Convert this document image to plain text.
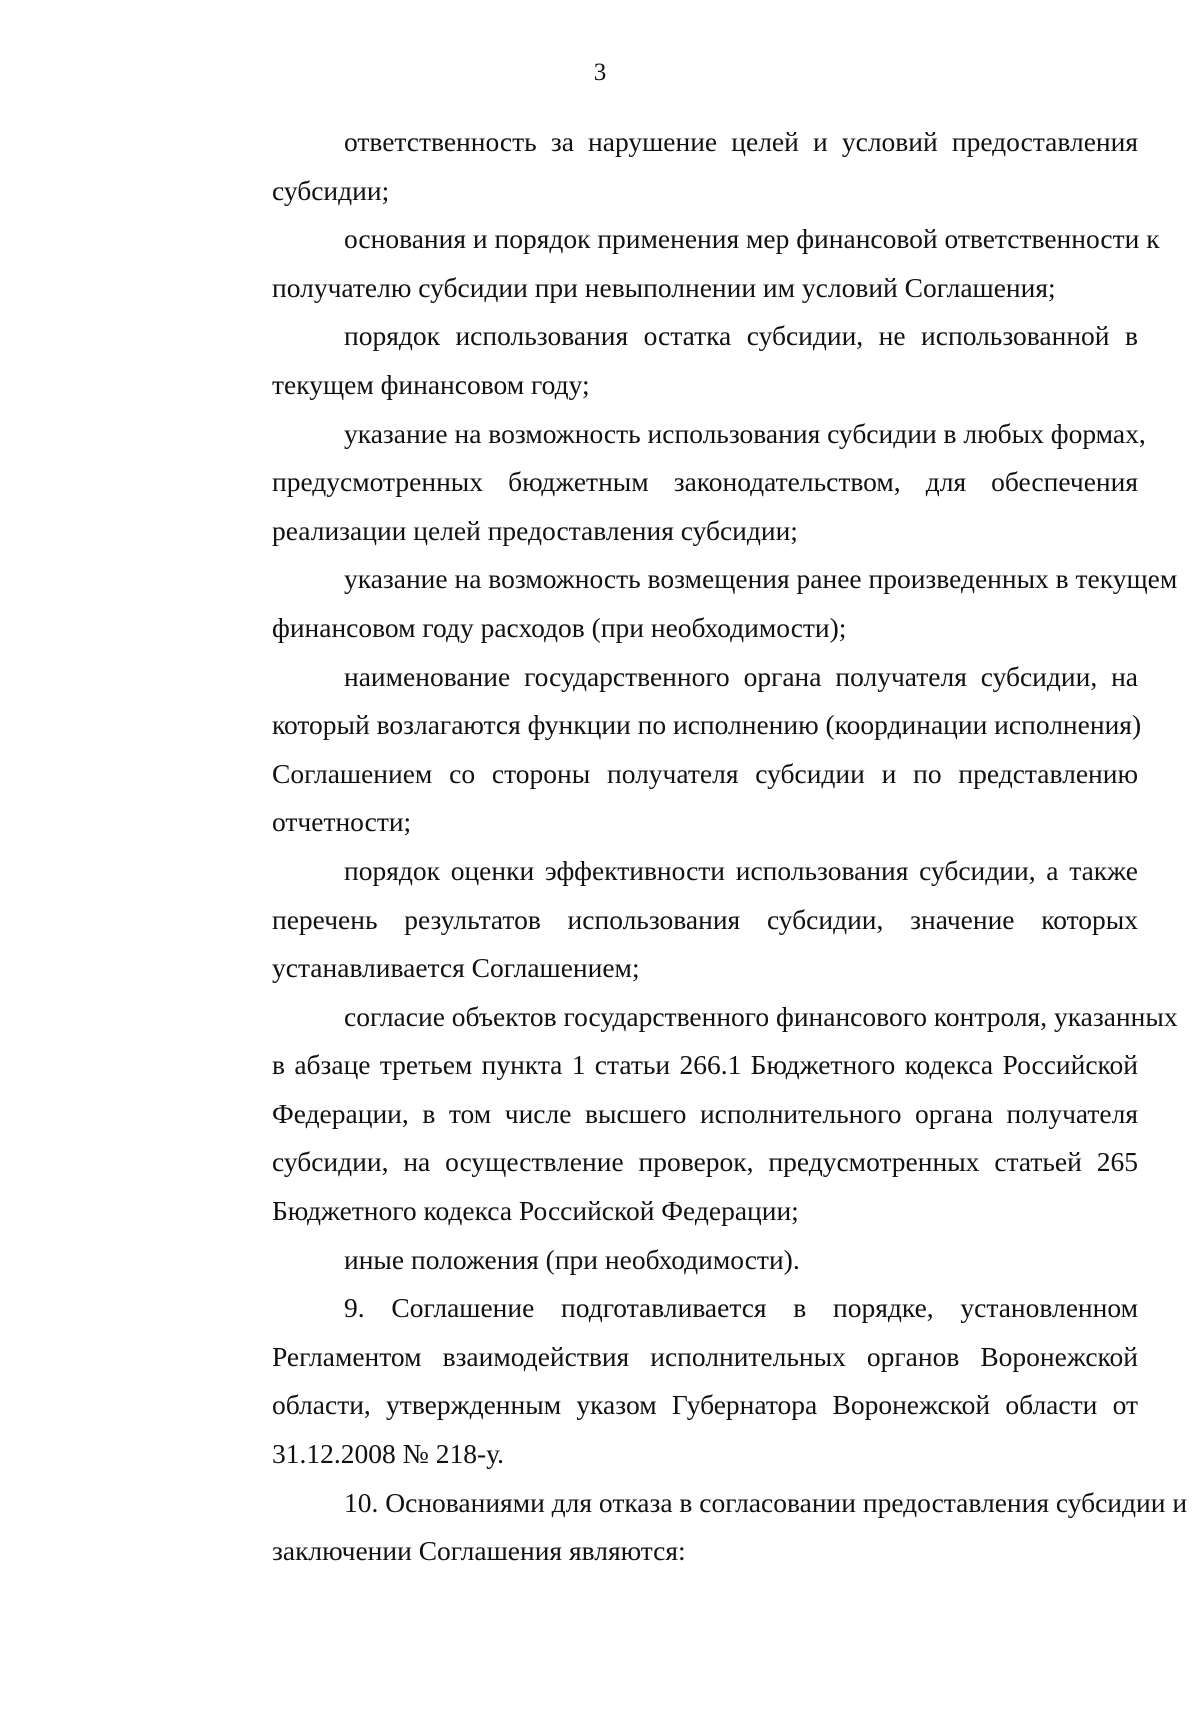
3
ответственность за нарушение целей и условий предоставления
субсидии;
основания и порядок применения мер финансовой ответственности к
получателю субсидии при невыполнении им условий Соглашения;
порядок использования остатка субсидии, не использованной в
текущем финансовом году;
указание на возможность использования субсидии в любых формах,
предусмотренных бюджетным законодательством, для обеспечения
реализации целей предоставления субсидии;
указание на возможность возмещения ранее произведенных в текущем
финансовом году расходов (при необходимости);
наименование государственного органа получателя субсидии, на
который возлагаются функции по исполнению (координации исполнения)
Соглашением со стороны получателя субсидии и по представлению
отчетности;
порядок оценки эффективности использования субсидии, а также
перечень результатов использования субсидии, значение которых
устанавливается Соглашением;
согласие объектов государственного финансового контроля, указанных
в абзаце третьем пункта 1 статьи 266.1 Бюджетного кодекса Российской
Федерации, в том числе высшего исполнительного органа получателя
субсидии, на осуществление проверок, предусмотренных статьей 265
Бюджетного кодекса Российской Федерации;
иные положения (при необходимости).
9. Соглашение подготавливается в порядке, установленном
Регламентом взаимодействия исполнительных органов Воронежской
области, утвержденным указом Губернатора Воронежской области от
31.12.2008 № 218-у.
10. Основаниями для отказа в согласовании предоставления субсидии и
заключении Соглашения являются:
